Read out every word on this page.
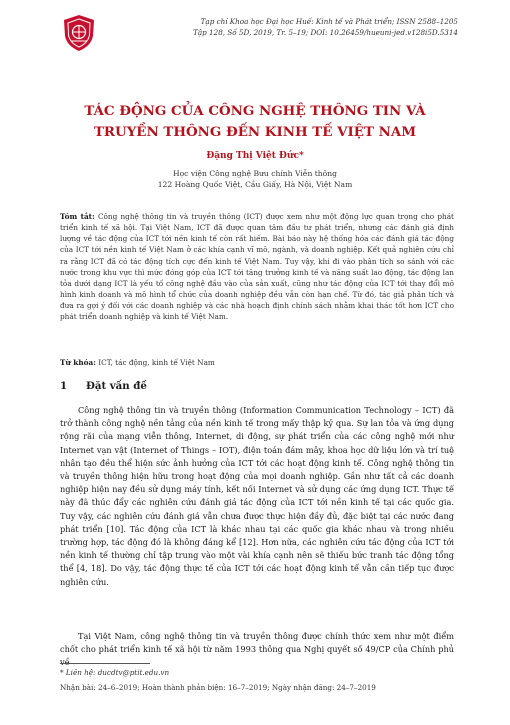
Tạp chí Khoa học Đại học Huế: Kinh tế và Phát triển; ISSN 2588–1205
Tập 128, Số 5D, 2019, Tr. 5–19; DOI: 10.26459/hueuni-jed.v128i5D.5314
TÁC ĐỘNG CỦA CÔNG NGHỆ THÔNG TIN VÀ
TRUYỀN THÔNG ĐẾN KINH TẾ VIỆT NAM
Đặng Thị Việt Đức*
Học viện Công nghệ Bưu chính Viễn thông
122 Hoàng Quốc Việt, Cầu Giấy, Hà Nội, Việt Nam
Tóm tắt: Công nghệ thông tin và truyền thông (ICT) được xem như một động lực quan trọng cho phát triển kinh tế xã hội. Tại Việt Nam, ICT đã được quan tâm đầu tư phát triển, nhưng các đánh giá định lượng về tác động của ICT tới nền kinh tế còn rất hiếm. Bài báo này hệ thống hóa các đánh giá tác động của ICT tới nền kinh tế Việt Nam ở các khía cạnh vĩ mô, ngành, và doanh nghiệp. Kết quả nghiên cứu chỉ ra rằng ICT đã có tác động tích cực đến kinh tế Việt Nam. Tuy vậy, khi đi vào phân tích so sánh với các nước trong khu vực thì mức đóng góp của ICT tới tăng trưởng kinh tế và năng suất lao động, tác động lan tỏa dưới dạng ICT là yếu tố công nghệ đầu vào của sản xuất, cũng như tác động của ICT tới thay đổi mô hình kinh doanh và mô hình tổ chức của doanh nghiệp đều vẫn còn hạn chế. Từ đó, tác giả phân tích và đưa ra gợi ý đối với các doanh nghiệp và các nhà hoạch định chính sách nhằm khai thác tốt hơn ICT cho phát triển doanh nghiệp và kinh tế Việt Nam.
Từ khóa: ICT, tác động, kinh tế Việt Nam
1 Đặt vấn đề

Công nghệ thông tin và truyền thông (Information Communication Technology – ICT) đã trở thành công nghệ nền tảng của nền kinh tế trong mấy thập kỷ qua. Sự lan tỏa và ứng dụng rộng rãi của mạng viễn thông, Internet, di động, sự phát triển của các công nghệ mới như Internet vạn vật (Internet of Things – IOT), điện toán đám mây, khoa học dữ liệu lớn và trí tuệ nhân tạo đều thể hiện sức ảnh hưởng của ICT tới các hoạt động kinh tế. Công nghệ thông tin và truyền thông hiện hữu trong hoạt động của mọi doanh nghiệp. Gần như tất cả các doanh nghiệp hiện nay đều sử dụng máy tính, kết nối Internet và sử dụng các ứng dụng ICT. Thực tế này đã thúc đẩy các nghiên cứu đánh giá tác động của ICT tới nền kinh tế tại các quốc gia. Tuy vậy, các nghiên cứu đánh giá vẫn chưa được thực hiện đầy đủ, đặc biệt tại các nước đang phát triển [10]. Tác động của ICT là khác nhau tại các quốc gia khác nhau và trong nhiều trường hợp, tác động đó là không đáng kể [12]. Hơn nữa, các nghiên cứu tác động của ICT tới nền kinh tế thường chỉ tập trung vào một vài khía cạnh nên sẽ thiếu bức tranh tác động tổng thể [4, 18]. Do vậy, tác động thực tế của ICT tới các hoạt động kinh tế vẫn cần tiếp tục được nghiên cứu.

Tại Việt Nam, công nghệ thông tin và truyền thông được chính thức xem như một điểm chốt cho phát triển kinh tế xã hội từ năm 1993 thông qua Nghị quyết số 49/CP của Chính phủ về

* Liên hệ: ducdtv@ptit.edu.vn
Nhận bài: 24–6–2019; Hoàn thành phản biện: 16–7–2019; Ngày nhận đăng: 24–7–2019
